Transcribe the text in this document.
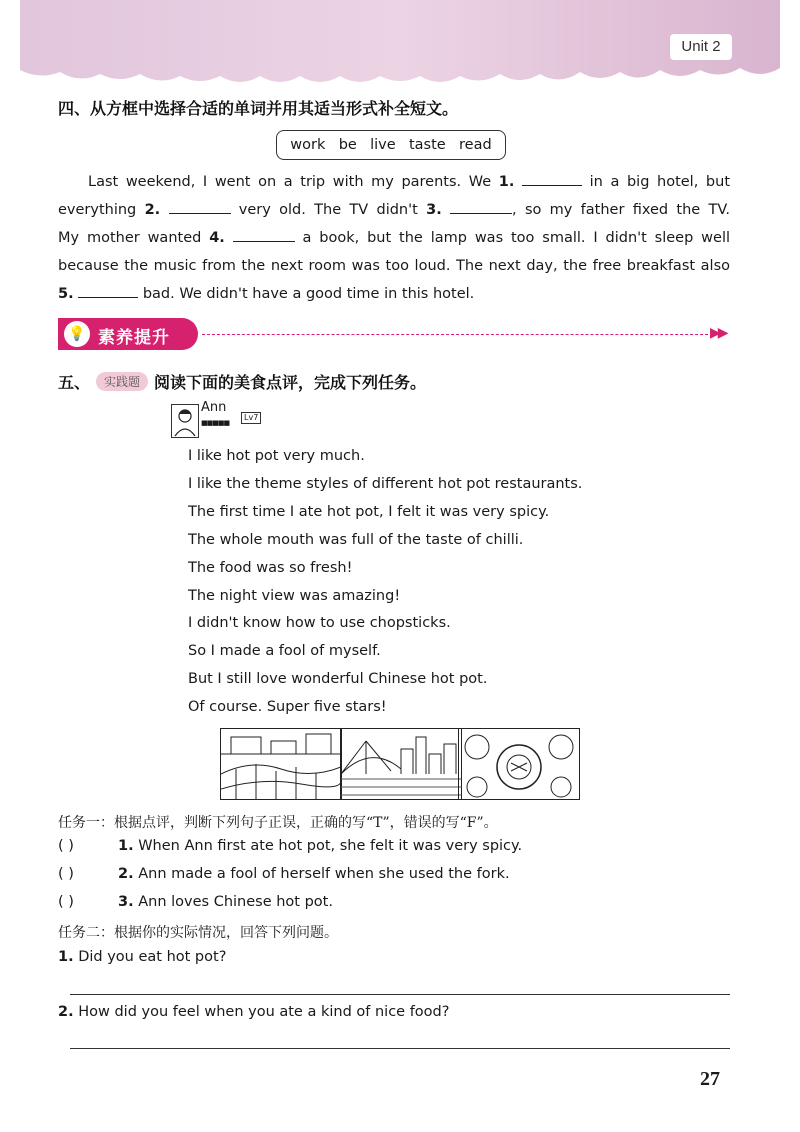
Unit 2
四、从方框中选择合适的单词并用其适当形式补全短文。
work be live taste read

Last weekend, I went on a trip with my parents. We 1.	in a big hotel, but

everything 2.	very old. The TV didn't 3.	, so my father fixed the TV.

My mother wanted 4.	a book, but the lamp was too small. I didn't sleep well

because the music from the next room was too loud. The next day, the free breakfast also

5.	bad. We didn't have a good time in this hotel.

💡 素养提升	▶▶
五、 实践题 阅读下面的美食点评，完成下列任务。
Ann
■■■■■
Lv7
I like hot pot very much.
I like the theme styles of different hot pot restaurants.
The first time I ate hot pot, I felt it was very spicy.
The whole mouth was full of the taste of chilli.
The food was so fresh!
The night view was amazing!
I didn't know how to use chopsticks.
So I made a fool of myself.
But I still love wonderful Chinese hot pot.
Of course. Super five stars!
任务一：根据点评，判断下列句子正误，正确的写“T”，错误的写“F”。
( )	1. When Ann first ate hot pot, she felt it was very spicy.
( )	2. Ann made a fool of herself when she used the fork.
( )	3. Ann loves Chinese hot pot.
任务二：根据你的实际情况，回答下列问题。
1. Did you eat hot pot?
2. How did you feel when you ate a kind of nice food?
27
